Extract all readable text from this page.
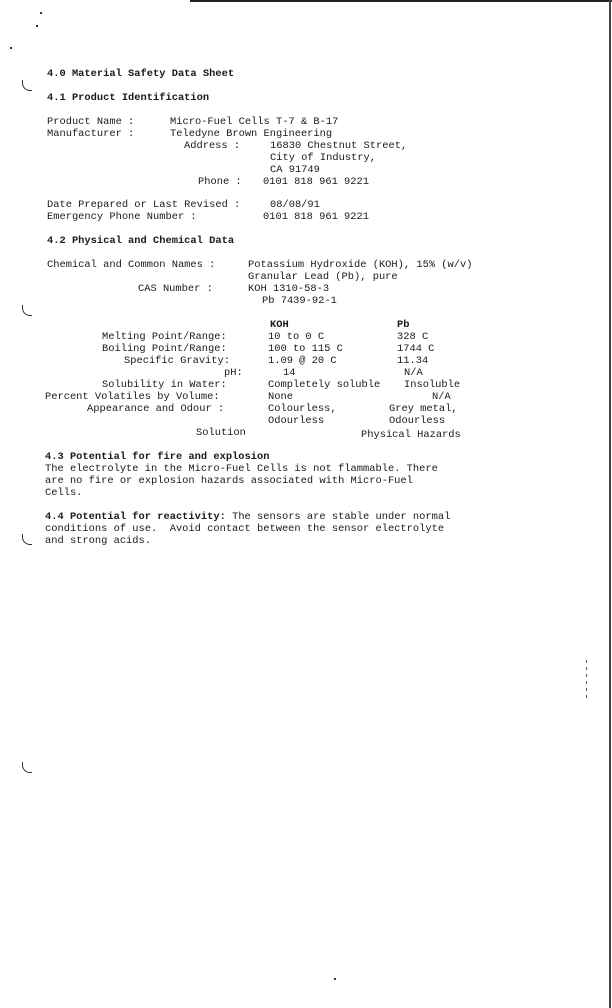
4.0 Material Safety Data Sheet
4.1 Product Identification
Product Name :	Micro-Fuel Cells T-7 & B-17
Manufacturer :	Teledyne Brown Engineering
Address :	16830 Chestnut Street,
City of Industry,
CA 91749
Phone : 0101 818 961 9221
Date Prepared or Last Revised :	08/08/91
Emergency Phone Number :	0101 818 961 9221
4.2 Physical and Chemical Data
Chemical and Common Names :	Potassium Hydroxide (KOH), 15% (w/v)
Granular Lead (Pb), pure
CAS Number :	KOH 1310-58-3
Pb 7439-92-1
KOH	Pb
Melting Point/Range:	10 to 0 C	328 C
Boiling Point/Range:	100 to 115 C	1744 C
Specific Gravity:	1.09 @ 20 C	11.34
pH:	14	N/A
Solubility in Water:	Completely soluble Insoluble
Percent Volatiles by Volume:	None	N/A
Appearance and Odour :	Colourless,	Grey metal,
Odourless	Odourless
Solution	Physical Hazards
4.3 Potential for fire and explosion
The electrolyte in the Micro-Fuel Cells is not flammable. There
are no fire or explosion hazards associated with Micro-Fuel
Cells.
4.4 Potential for reactivity: The sensors are stable under normal
conditions of use.  Avoid contact between the sensor electrolyte
and strong acids.
